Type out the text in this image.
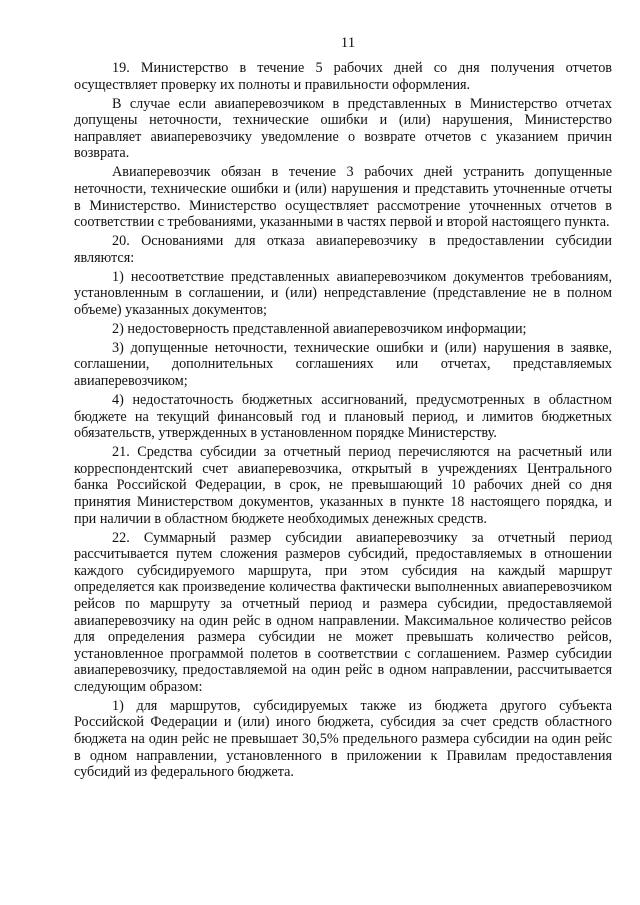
11

19. Министерство в течение 5 рабочих дней со дня получения отчетов осуществляет проверку их полноты и правильности оформления.

В случае если авиаперевозчиком в представленных в Министерство отчетах допущены неточности, технические ошибки и (или) нарушения, Министерство направляет авиаперевозчику уведомление о возврате отчетов с указанием причин возврата.

Авиаперевозчик обязан в течение 3 рабочих дней устранить допущенные неточности, технические ошибки и (или) нарушения и представить уточненные отчеты в Министерство. Министерство осуществляет рассмотрение уточненных отчетов в соответствии с требованиями, указанными в частях первой и второй настоящего пункта.

20. Основаниями для отказа авиаперевозчику в предоставлении субсидии являются:

1) несоответствие представленных авиаперевозчиком документов требованиям, установленным в соглашении, и (или) непредставление (представление не в полном объеме) указанных документов;

2) недостоверность представленной авиаперевозчиком информации;

3) допущенные неточности, технические ошибки и (или) нарушения в заявке, соглашении, дополнительных соглашениях или отчетах, представляемых авиаперевозчиком;

4) недостаточность бюджетных ассигнований, предусмотренных в областном бюджете на текущий финансовый год и плановый период, и лимитов бюджетных обязательств, утвержденных в установленном порядке Министерству.

21. Средства субсидии за отчетный период перечисляются на расчетный или корреспондентский счет авиаперевозчика, открытый в учреждениях Центрального банка Российской Федерации, в срок, не превышающий 10 рабочих дней со дня принятия Министерством документов, указанных в пункте 18 настоящего порядка, и при наличии в областном бюджете необходимых денежных средств.

22. Суммарный размер субсидии авиаперевозчику за отчетный период рассчитывается путем сложения размеров субсидий, предоставляемых в отношении каждого субсидируемого маршрута, при этом субсидия на каждый маршрут определяется как произведение количества фактически выполненных авиаперевозчиком рейсов по маршруту за отчетный период и размера субсидии, предоставляемой авиаперевозчику на один рейс в одном направлении. Максимальное количество рейсов для определения размера субсидии не может превышать количество рейсов, установленное программой полетов в соответствии с соглашением. Размер субсидии авиаперевозчику, предоставляемой на один рейс в одном направлении, рассчитывается следующим образом:

1) для маршрутов, субсидируемых также из бюджета другого субъекта Российской Федерации и (или) иного бюджета, субсидия за счет средств областного бюджета на один рейс не превышает 30,5% предельного размера субсидии на один рейс в одном направлении, установленного в приложении к Правилам предоставления субсидий из федерального бюджета.
